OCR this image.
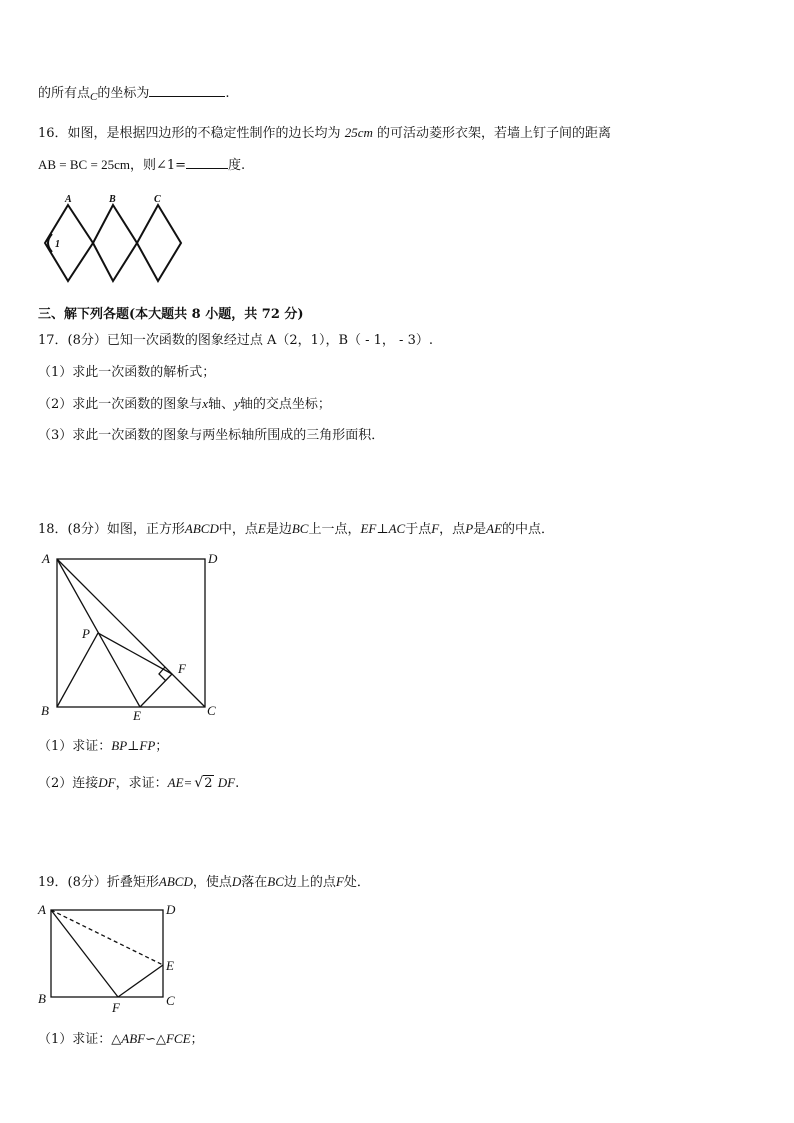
的所有点$_C$的坐标为	.
16．如图，是根据四边形的不稳定性制作的边长均为 25cm 的可活动菱形衣架，若墙上钉子间的距离
AB = BC = 25cm，则∠1=	度.
A	B	C
1
三、解下列各题(本大题共 8 小题，共 72 分)
17．(8分）已知一次函数的图象经过点 A（2，1），B（ - 1， - 3）.
（1）求此一次函数的解析式；
（2）求此一次函数的图象与x轴、y轴的交点坐标；
（3）求此一次函数的图象与两坐标轴所围成的三角形面积．
18．(8分）如图，正方形ABCD中，点E是边BC上一点，EF⊥AC于点F，点P是AE的中点．
A	D
P
F
B	E	C
（1）求证：BP⊥FP；
（2）连接DF，求证：AE= √ 2 DF.
19．(8分）折叠矩形ABCD，使点D落在BC边上的点F处．
A	D
E
B
F	C
（1）求证：△ABF∽△FCE；
